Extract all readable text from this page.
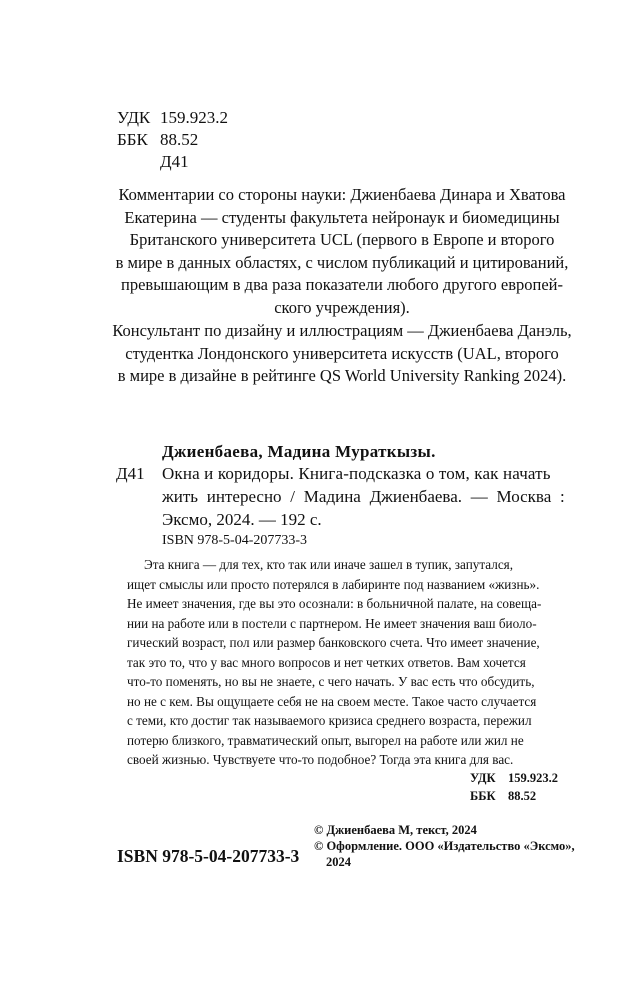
УДК 159.923.2
ББК 88.52
Д41
Комментарии со стороны науки: Джиенбаева Динара и Хватова
Екатерина — студенты факультета нейронаук и биомедицины
Британского университета UCL (первого в Европе и второго
в мире в данных областях, с числом публикаций и цитирований,
превышающим в два раза показатели любого другого европей-
ского учреждения).
Консультант по дизайну и иллюстрациям — Джиенбаева Данэль,
студентка Лондонского университета искусств (UAL, второго
в мире в дизайне в рейтинге QS World University Ranking 2024).
Джиенбаева, Мадина Мураткызы.
Д41 Окна и коридоры. Книга-подсказка о том, как начать
жить интересно / Мадина Джиенбаева. — Москва :
Эксмо, 2024. — 192 с.
ISBN 978-5-04-207733-3
Эта книга — для тех, кто так или иначе зашел в тупик, запутался,
ищет смыслы или просто потерялся в лабиринте под названием «жизнь».
Не имеет значения, где вы это осознали: в больничной палате, на совеща-
нии на работе или в постели с партнером. Не имеет значения ваш биоло-
гический возраст, пол или размер банковского счета. Что имеет значение,
так это то, что у вас много вопросов и нет четких ответов. Вам хочется
что-то поменять, но вы не знаете, с чего начать. У вас есть что обсудить,
но не с кем. Вы ощущаете себя не на своем месте. Такое часто случается
с теми, кто достиг так называемого кризиса среднего возраста, пережил
потерю близкого, травматический опыт, выгорел на работе или жил не
своей жизнью. Чувствуете что-то подобное? Тогда эта книга для вас.
УДК 159.923.2
ББК 88.52
© Джиенбаева М, текст, 2024
© Оформление. ООО «Издательство «Эксмо»,
2024
ISBN 978-5-04-207733-3
